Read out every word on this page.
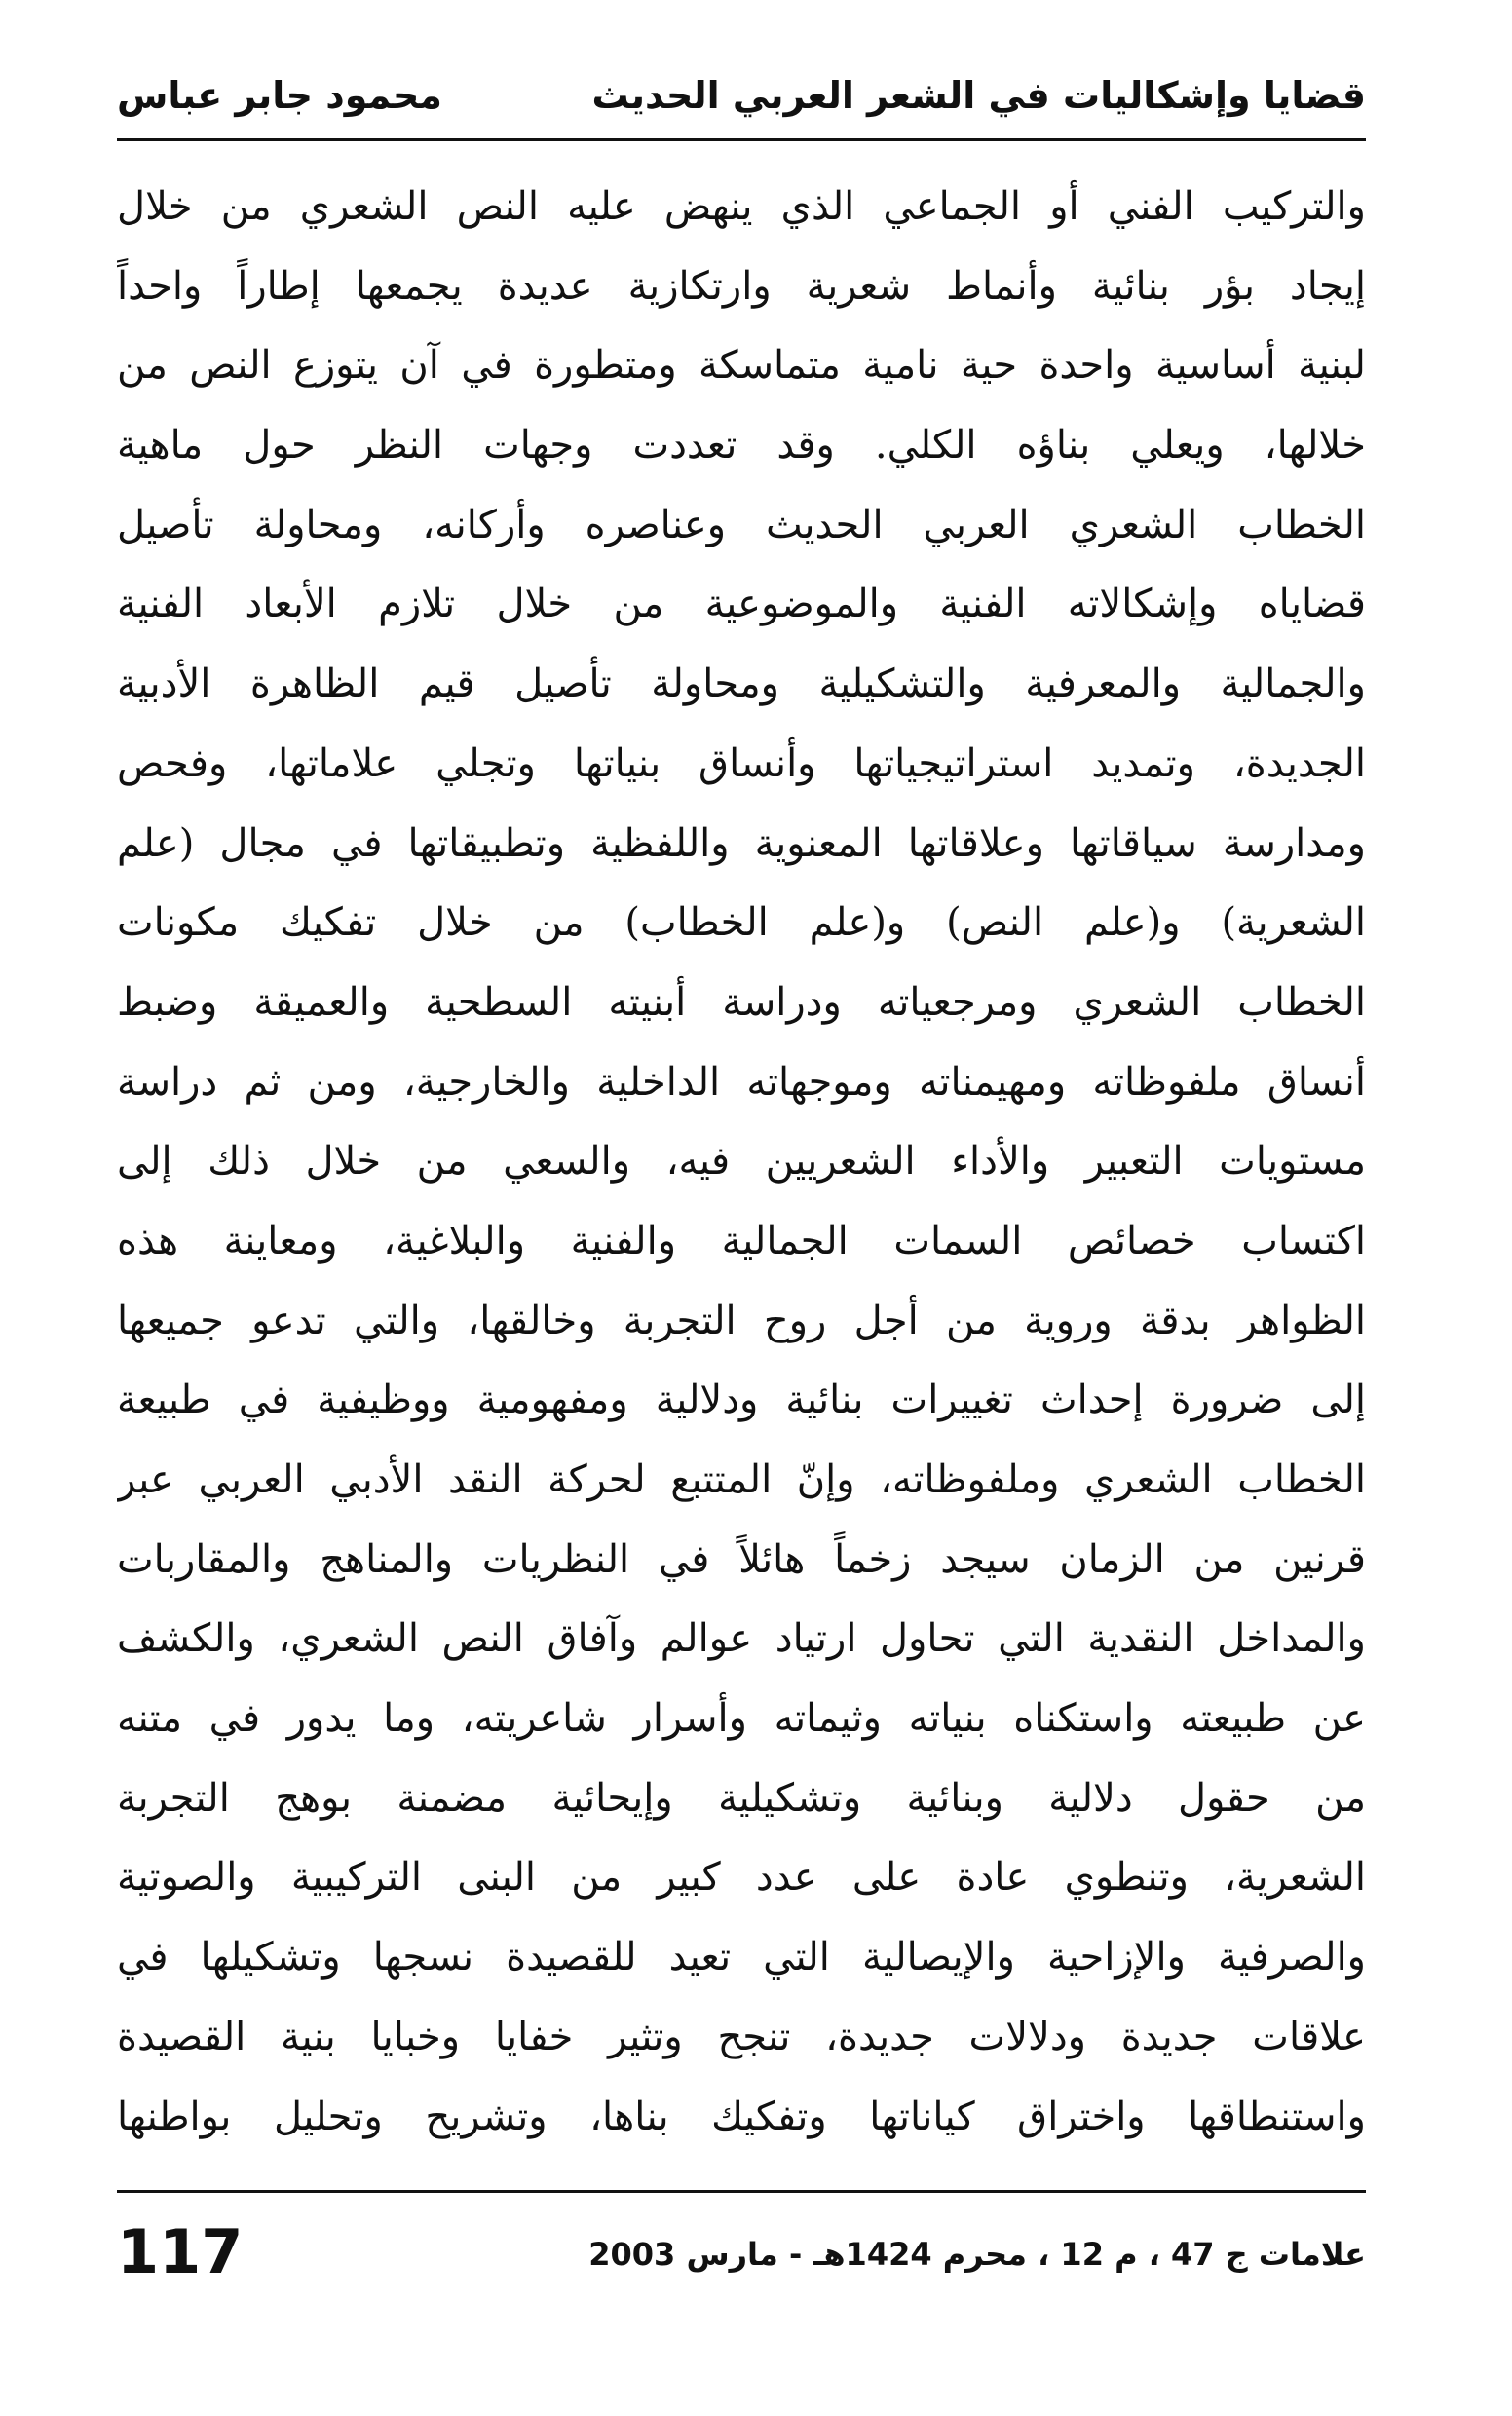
قضايا وإشكاليات في الشعر العربي الحديث
محمود جابر عباس
والتركيب الفني أو الجماعي الذي ينهض عليه النص الشعري من خلال
إيجاد بؤر بنائية وأنماط شعرية وارتكازية عديدة يجمعها إطاراً واحداً
لبنية أساسية واحدة حية نامية متماسكة ومتطورة في آن يتوزع النص من
خلالها، ويعلي بناؤه الكلي. وقد تعددت وجهات النظر حول ماهية
الخطاب الشعري العربي الحديث وعناصره وأركانه، ومحاولة تأصيل
قضاياه وإشكالاته الفنية والموضوعية من خلال تلازم الأبعاد الفنية
والجمالية والمعرفية والتشكيلية ومحاولة تأصيل قيم الظاهرة الأدبية
الجديدة، وتمديد استراتيجياتها وأنساق بنياتها وتجلي علاماتها، وفحص
ومدارسة سياقاتها وعلاقاتها المعنوية واللفظية وتطبيقاتها في مجال (علم
الشعرية) و(علم النص) و(علم الخطاب) من خلال تفكيك مكونات
الخطاب الشعري ومرجعياته ودراسة أبنيته السطحية والعميقة وضبط
أنساق ملفوظاته ومهيمناته وموجهاته الداخلية والخارجية، ومن ثم دراسة
مستويات التعبير والأداء الشعريين فيه، والسعي من خلال ذلك إلى
اكتساب خصائص السمات الجمالية والفنية والبلاغية، ومعاينة هذه
الظواهر بدقة وروية من أجل روح التجربة وخالقها، والتي تدعو جميعها
إلى ضرورة إحداث تغييرات بنائية ودلالية ومفهومية ووظيفية في طبيعة
الخطاب الشعري وملفوظاته، وإنّ المتتبع لحركة النقد الأدبي العربي عبر
قرنين من الزمان سيجد زخماً هائلاً في النظريات والمناهج والمقاربات
والمداخل النقدية التي تحاول ارتياد عوالم وآفاق النص الشعري، والكشف
عن طبيعته واستكناه بنياته وثيماته وأسرار شاعريته، وما يدور في متنه
من حقول دلالية وبنائية وتشكيلية وإيحائية مضمنة بوهج التجربة
الشعرية، وتنطوي عادة على عدد كبير من البنى التركيبية والصوتية
والصرفية والإزاحية والإيصالية التي تعيد للقصيدة نسجها وتشكيلها في
علاقات جديدة ودلالات جديدة، تنجح وتثير خفايا وخبايا بنية القصيدة
واستنطاقها واختراق كياناتها وتفكيك بناها، وتشريح وتحليل بواطنها
117	علامات ج 47 ، م 12 ، محرم 1424هـ - مارس 2003
